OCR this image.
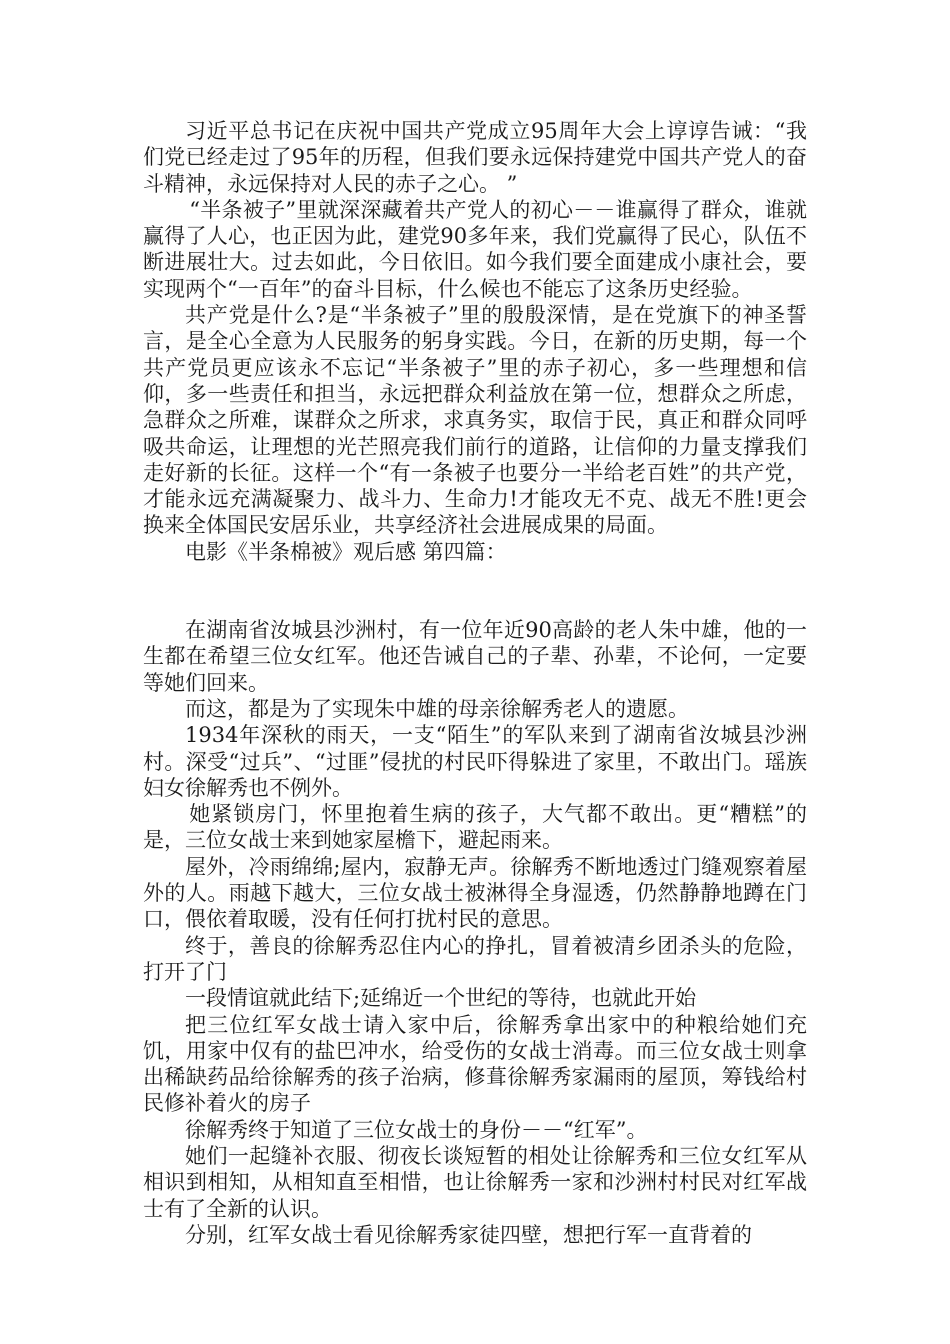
习近平总书记在庆祝中国共产党成立95周年大会上谆谆告诫：“我们党已经走过了95年的历程，但我们要永远保持建党中国共产党人的奋斗精神，永远保持对人民的赤子之心。 ”

“半条被子”里就深深藏着共产党人的初心－－谁赢得了群众，谁就赢得了人心，也正因为此，建党90多年来，我们党赢得了民心，队伍不断进展壮大。过去如此，今日依旧。如今我们要全面建成小康社会，要实现两个“一百年”的奋斗目标，什么候也不能忘了这条历史经验。

共产党是什么?是“半条被子”里的殷殷深情，是在党旗下的神圣誓言，是全心全意为人民服务的躬身实践。今日，在新的历史期，每一个共产党员更应该永不忘记“半条被子”里的赤子初心，多一些理想和信仰，多一些责任和担当，永远把群众利益放在第一位，想群众之所虑，急群众之所难，谋群众之所求，求真务实，取信于民，真正和群众同呼吸共命运，让理想的光芒照亮我们前行的道路，让信仰的力量支撑我们走好新的长征。这样一个“有一条被子也要分一半给老百姓”的共产党，才能永远充满凝聚力、战斗力、生命力!才能攻无不克、战无不胜!更会换来全体国民安居乐业，共享经济社会进展成果的局面。

电影《半条棉被》观后感 第四篇：

在湖南省汝城县沙洲村，有一位年近90高龄的老人朱中雄，他的一生都在希望三位女红军。他还告诫自己的子辈、孙辈，不论何，一定要等她们回来。

而这，都是为了实现朱中雄的母亲徐解秀老人的遗愿。

1934年深秋的雨天，一支“陌生”的军队来到了湖南省汝城县沙洲村。深受“过兵”、“过匪”侵扰的村民吓得躲进了家里，不敢出门。瑶族妇女徐解秀也不例外。

她紧锁房门，怀里抱着生病的孩子，大气都不敢出。更“糟糕”的是，三位女战士来到她家屋檐下，避起雨来。

屋外，冷雨绵绵;屋内，寂静无声。徐解秀不断地透过门缝观察着屋外的人。雨越下越大，三位女战士被淋得全身湿透，仍然静静地蹲在门口，偎依着取暖，没有任何打扰村民的意思。

终于，善良的徐解秀忍住内心的挣扎，冒着被清乡团杀头的危险，打开了门

一段情谊就此结下;延绵近一个世纪的等待，也就此开始

把三位红军女战士请入家中后，徐解秀拿出家中的种粮给她们充饥，用家中仅有的盐巴冲水，给受伤的女战士消毒。而三位女战士则拿出稀缺药品给徐解秀的孩子治病，修葺徐解秀家漏雨的屋顶，筹钱给村民修补着火的房子

徐解秀终于知道了三位女战士的身份－－“红军”。

她们一起缝补衣服、彻夜长谈短暂的相处让徐解秀和三位女红军从相识到相知，从相知直至相惜，也让徐解秀一家和沙洲村村民对红军战士有了全新的认识。

分别，红军女战士看见徐解秀家徒四壁，想把行军一直背着的
